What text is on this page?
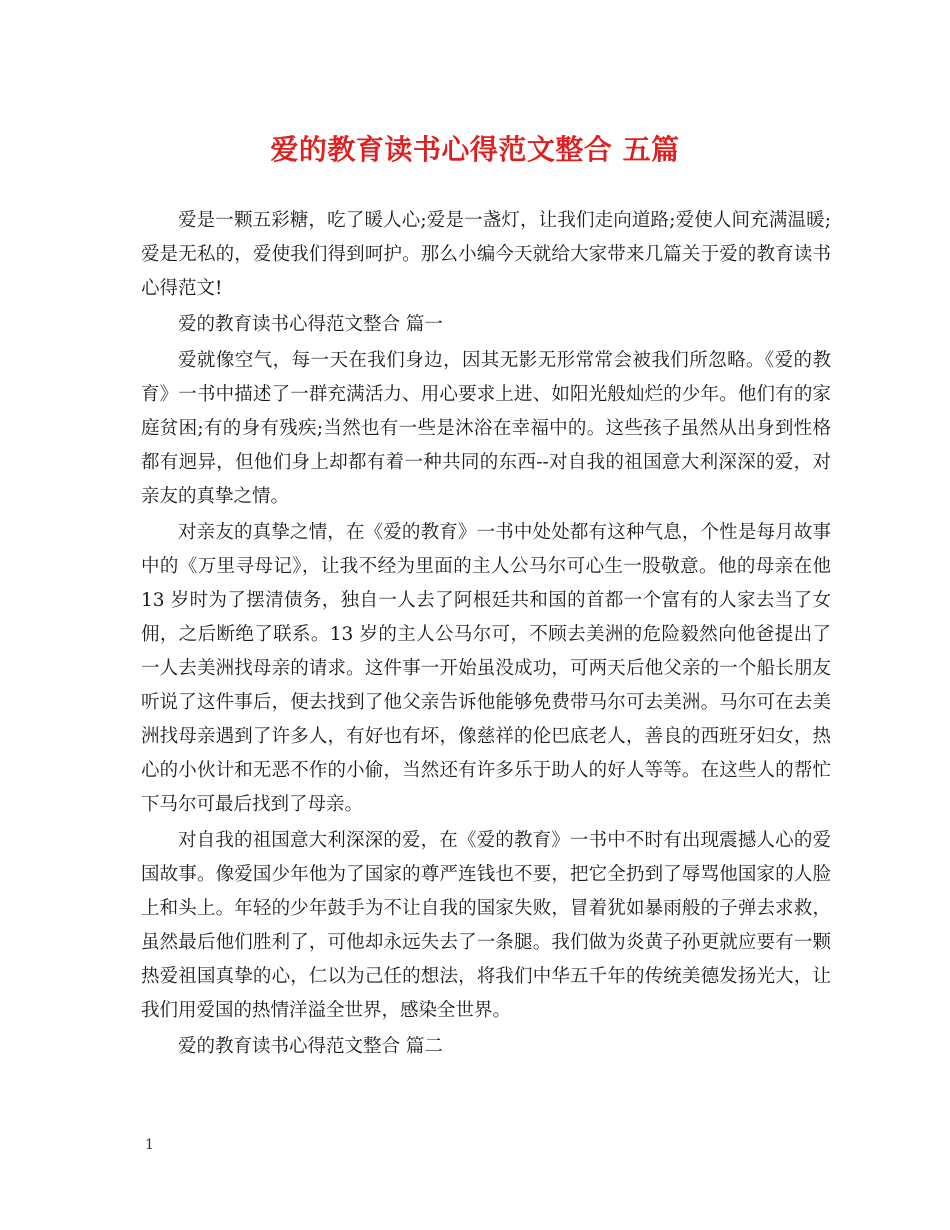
爱的教育读书心得范文整合 五篇

爱是一颗五彩糖，吃了暖人心;爱是一盏灯，让我们走向道路;爱使人间充满温暖;爱是无私的，爱使我们得到呵护。那么小编今天就给大家带来几篇关于爱的教育读书心得范文!

爱的教育读书心得范文整合 篇一

爱就像空气，每一天在我们身边，因其无影无形常常会被我们所忽略。《爱的教育》一书中描述了一群充满活力、用心要求上进、如阳光般灿烂的少年。他们有的家庭贫困;有的身有残疾;当然也有一些是沐浴在幸福中的。这些孩子虽然从出身到性格都有迥异，但他们身上却都有着一种共同的东西--对自我的祖国意大利深深的爱，对亲友的真挚之情。

对亲友的真挚之情，在《爱的教育》一书中处处都有这种气息，个性是每月故事中的《万里寻母记》，让我不经为里面的主人公马尔可心生一股敬意。他的母亲在他 13 岁时为了摆清债务，独自一人去了阿根廷共和国的首都一个富有的人家去当了女佣，之后断绝了联系。13 岁的主人公马尔可，不顾去美洲的危险毅然向他爸提出了一人去美洲找母亲的请求。这件事一开始虽没成功，可两天后他父亲的一个船长朋友听说了这件事后，便去找到了他父亲告诉他能够免费带马尔可去美洲。马尔可在去美洲找母亲遇到了许多人，有好也有坏，像慈祥的伦巴底老人，善良的西班牙妇女，热心的小伙计和无恶不作的小偷，当然还有许多乐于助人的好人等等。在这些人的帮忙下马尔可最后找到了母亲。

对自我的祖国意大利深深的爱，在《爱的教育》一书中不时有出现震撼人心的爱国故事。像爱国少年他为了国家的尊严连钱也不要，把它全扔到了辱骂他国家的人脸上和头上。年轻的少年鼓手为不让自我的国家失败，冒着犹如暴雨般的子弹去求救，虽然最后他们胜利了，可他却永远失去了一条腿。我们做为炎黄子孙更就应要有一颗热爱祖国真挚的心，仁以为己任的想法，将我们中华五千年的传统美德发扬光大，让我们用爱国的热情洋溢全世界，感染全世界。

爱的教育读书心得范文整合 篇二

1
